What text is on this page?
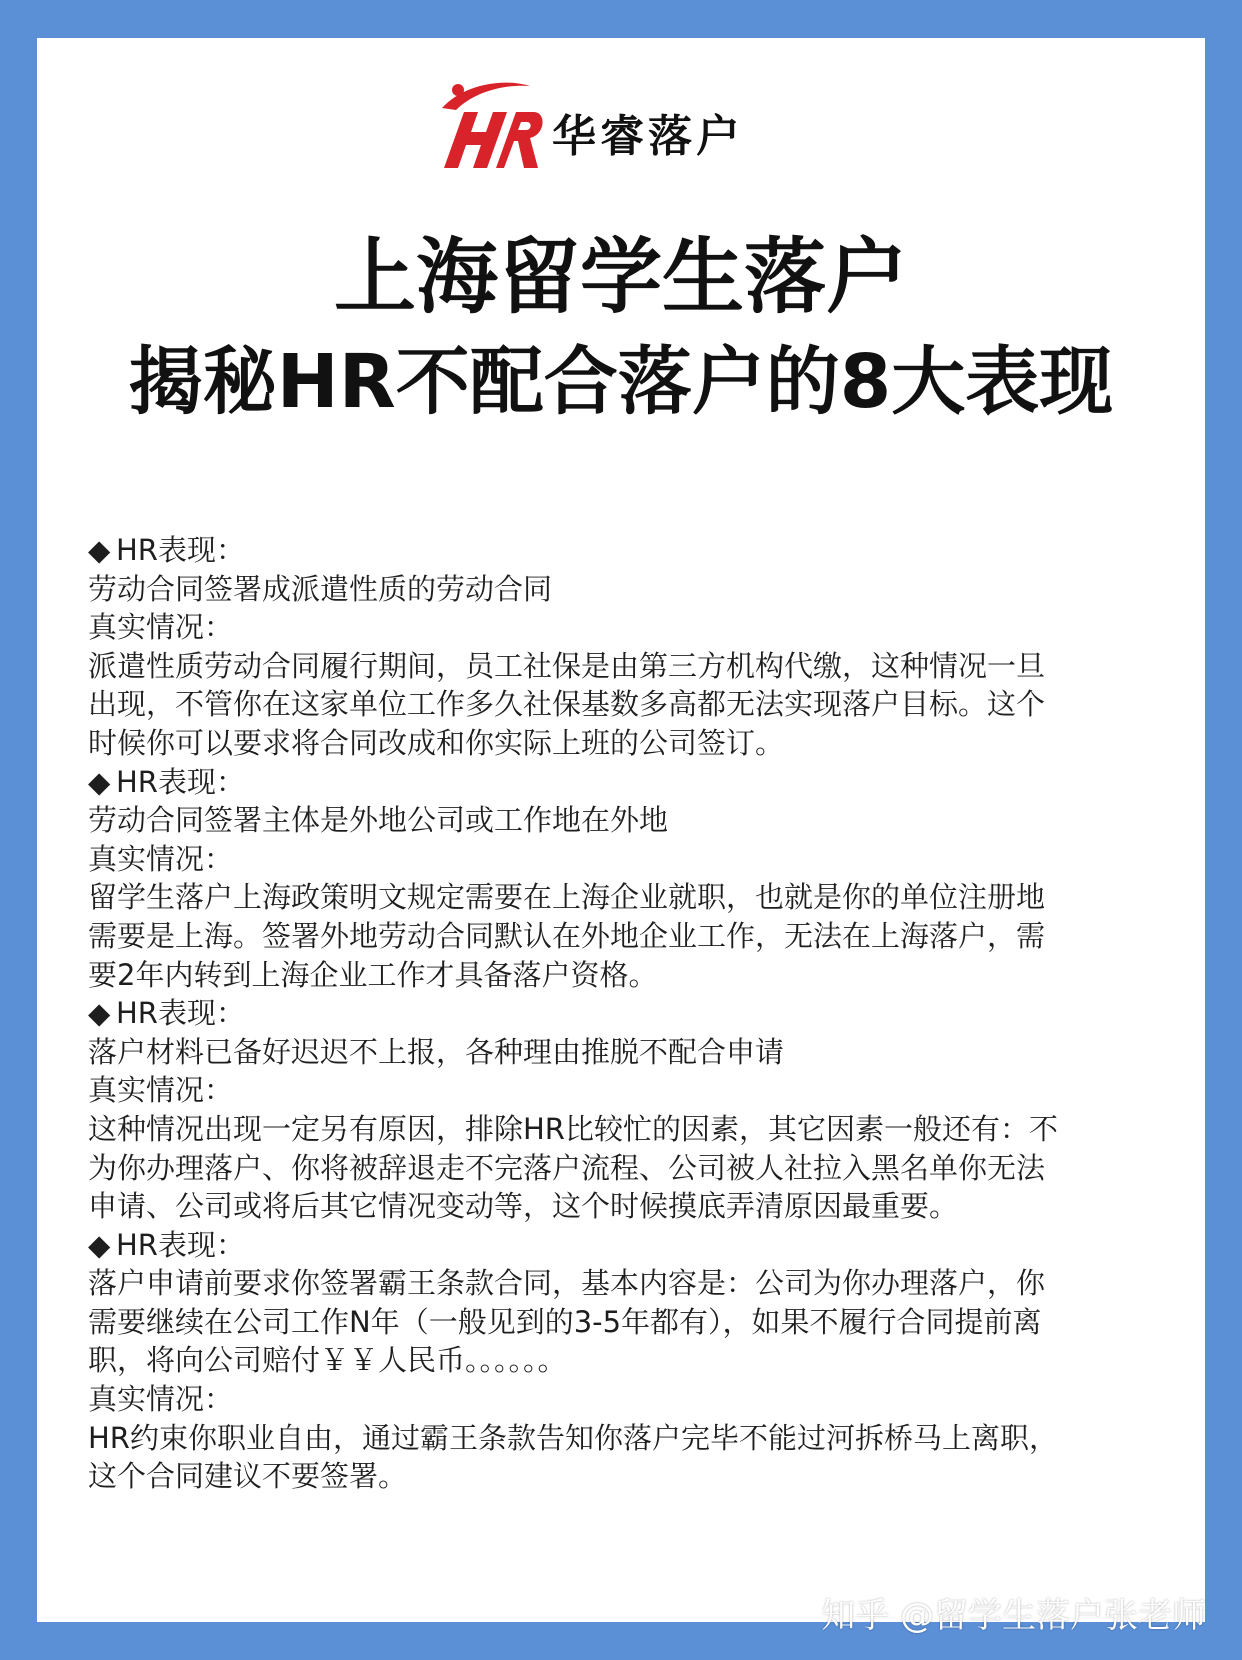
华睿落户
上海留学生落户
揭秘HR不配合落户的8大表现
◆ HR表现：
劳动合同签署成派遣性质的劳动合同
真实情况：
派遣性质劳动合同履行期间，员工社保是由第三方机构代缴，这种情况一旦
出现，不管你在这家单位工作多久社保基数多高都无法实现落户目标。这个
时候你可以要求将合同改成和你实际上班的公司签订。
◆ HR表现：
劳动合同签署主体是外地公司或工作地在外地
真实情况：
留学生落户上海政策明文规定需要在上海企业就职，也就是你的单位注册地
需要是上海。签署外地劳动合同默认在外地企业工作，无法在上海落户，需
要2年内转到上海企业工作才具备落户资格。
◆ HR表现：
落户材料已备好迟迟不上报，各种理由推脱不配合申请
真实情况：
这种情况出现一定另有原因，排除HR比较忙的因素，其它因素一般还有：不
为你办理落户、你将被辞退走不完落户流程、公司被人社拉入黑名单你无法
申请、公司或将后其它情况变动等，这个时候摸底弄清原因最重要。
◆ HR表现：
落户申请前要求你签署霸王条款合同，基本内容是：公司为你办理落户，你
需要继续在公司工作N年（一般见到的3-5年都有），如果不履行合同提前离
职，将向公司赔付￥￥人民币。。。。。。
真实情况：
HR约束你职业自由，通过霸王条款告知你落户完毕不能过河拆桥马上离职，
这个合同建议不要签署。
知乎 @留学生落户张老师
